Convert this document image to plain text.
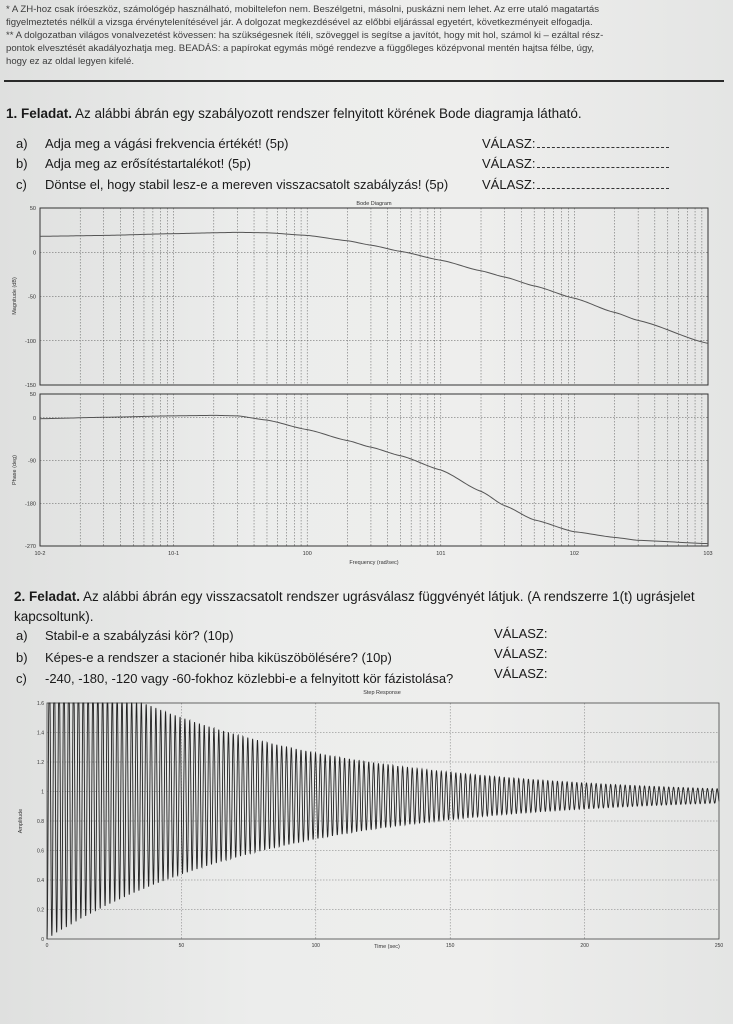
* A ZH-hoz csak íróeszköz, számológép használható, mobiltelefon nem. Beszélgetni, másolni, puskázni nem lehet. Az erre utaló magatartás

figyelmeztetés nélkül a vizsga érvénytelenítésével jár. A dolgozat megkezdésével az előbbi eljárással egyetért, következményeit elfogadja.

** A dolgozatban világos vonalvezetést kövessen: ha szükségesnek ítéli, szöveggel is segítse a javítót, hogy mit hol, számol ki – ezáltal rész-

pontok elvesztését akadályozhatja meg. BEADÁS: a papírokat egymás mögé rendezve a függőleges középvonal mentén hajtsa félbe, úgy,

hogy ez az oldal legyen kifelé.

1. Feladat. Az alábbi ábrán egy szabályozott rendszer felnyitott körének Bode diagramja látható.
a) Adja meg a vágási frekvencia értékét! (5p)	VÁLASZ:
b) Adja meg az erősítéstartalékot! (5p)	VÁLASZ:
c) Döntse el, hogy stabil lesz-e a mereven visszacsatolt szabályzás! (5p)	VÁLASZ:
Bode Diagram
50
0
-50
-100
-150
50
0
-90
-180
-270
10-2	10-1	100	101	102	103
Magnitude (dB)
Phase (deg)
Frequency (rad/sec)
2. Feladat. Az alábbi ábrán egy visszacsatolt rendszer ugrásválasz függvényét látjuk. (A rendszerre 1(t) ugrásjelet
kapcsoltunk).
a) Stabil-e a szabályzási kör? (10p)	VÁLASZ:
b) Képes-e a rendszer a stacionér hiba kiküszöbölésére? (10p)	VÁLASZ:
c) -240, -180, -120 vagy -60-fokhoz közlebbi-e a felnyitott kör fázistolása?	VÁLASZ:
Step Response
0
0.2
0.4
0.6
0.8
1
1.2
1.4
1.6
0	50	100	150	200	250
Amplitude
Time (sec)
